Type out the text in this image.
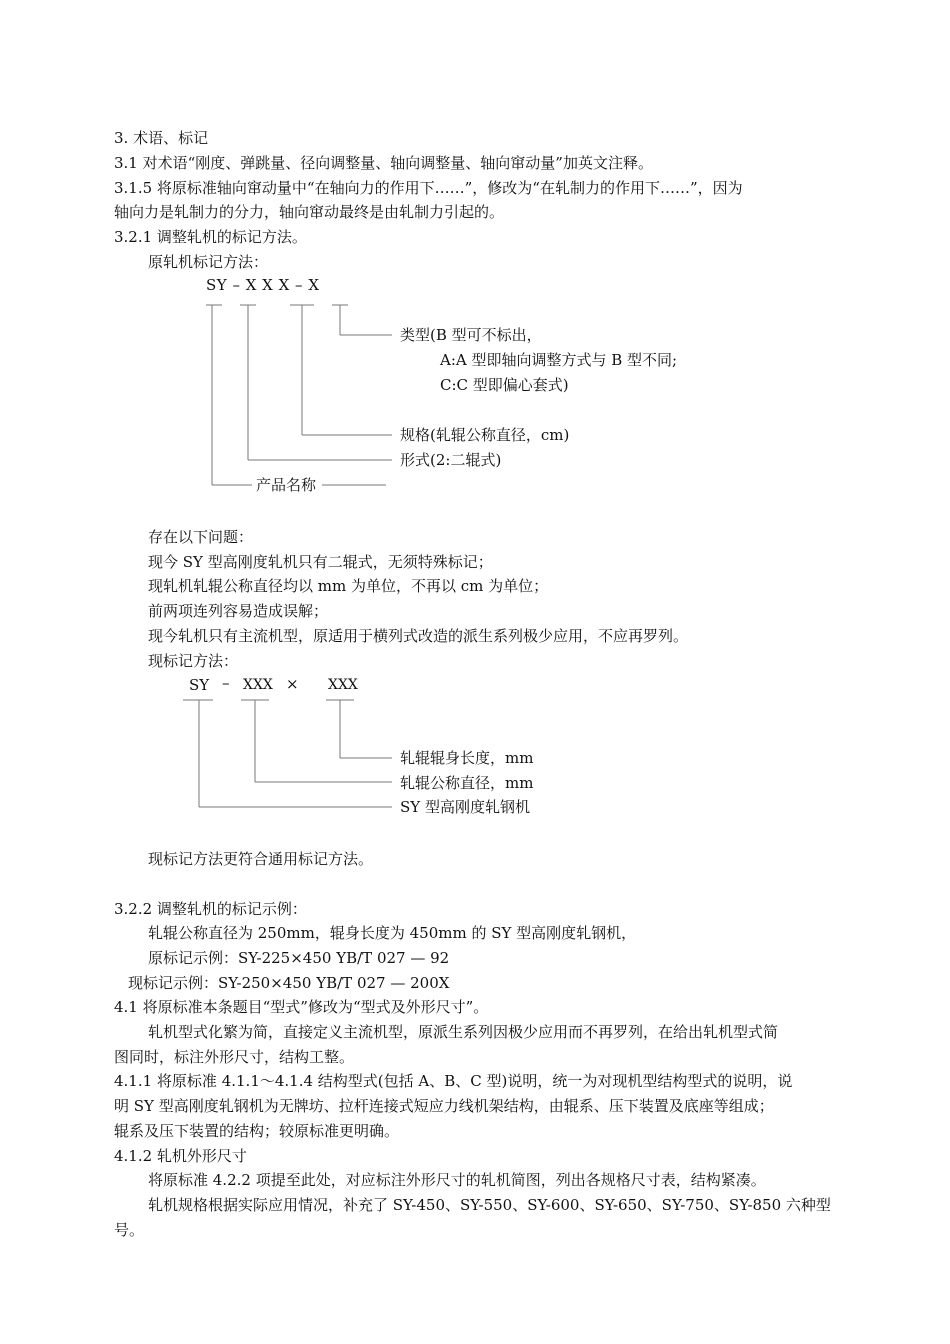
3. 术语、标记
3.1 对术语“刚度、弹跳量、径向调整量、轴向调整量、轴向窜动量”加英文注释。
3.1.5 将原标准轴向窜动量中“在轴向力的作用下……”，修改为“在轧制力的作用下……”，因为
轴向力是轧制力的分力，轴向窜动最终是由轧制力引起的。
3.2.1 调整轧机的标记方法。
原轧机标记方法：
SY – X X X – X
类型(B 型可不标出，
A:A 型即轴向调整方式与 B 型不同;
C:C 型即偏心套式)
规格(轧辊公称直径，cm)
形式(2:二辊式)
产品名称
存在以下问题：
现今 SY 型高刚度轧机只有二辊式，无须特殊标记；
现轧机轧辊公称直径均以 mm 为单位，不再以 cm 为单位；
前两项连列容易造成误解；
现今轧机只有主流机型，原适用于横列式改造的派生系列极少应用，不应再罗列。
现标记方法：
SY – XXX × XXX
轧辊辊身长度，mm
轧辊公称直径，mm
SY 型高刚度轧钢机
现标记方法更符合通用标记方法。
3.2.2 调整轧机的标记示例：
轧辊公称直径为 250mm，辊身长度为 450mm 的 SY 型高刚度轧钢机，
原标记示例：SY-225×450 YB/T 027 — 92
现标记示例：SY-250×450 YB/T 027 — 200X
4.1 将原标准本条题目“型式”修改为“型式及外形尺寸”。
轧机型式化繁为简，直接定义主流机型，原派生系列因极少应用而不再罗列，在给出轧机型式简
图同时，标注外形尺寸，结构工整。
4.1.1 将原标准 4.1.1～4.1.4 结构型式(包括 A、B、C 型)说明，统一为对现机型结构型式的说明，说
明 SY 型高刚度轧钢机为无牌坊、拉杆连接式短应力线机架结构，由辊系、压下装置及底座等组成；
辊系及压下装置的结构；较原标准更明确。
4.1.2 轧机外形尺寸
将原标准 4.2.2 项提至此处，对应标注外形尺寸的轧机简图，列出各规格尺寸表，结构紧凑。
轧机规格根据实际应用情况，补充了 SY-450、SY-550、SY-600、SY-650、SY-750、SY-850 六种型
号。
